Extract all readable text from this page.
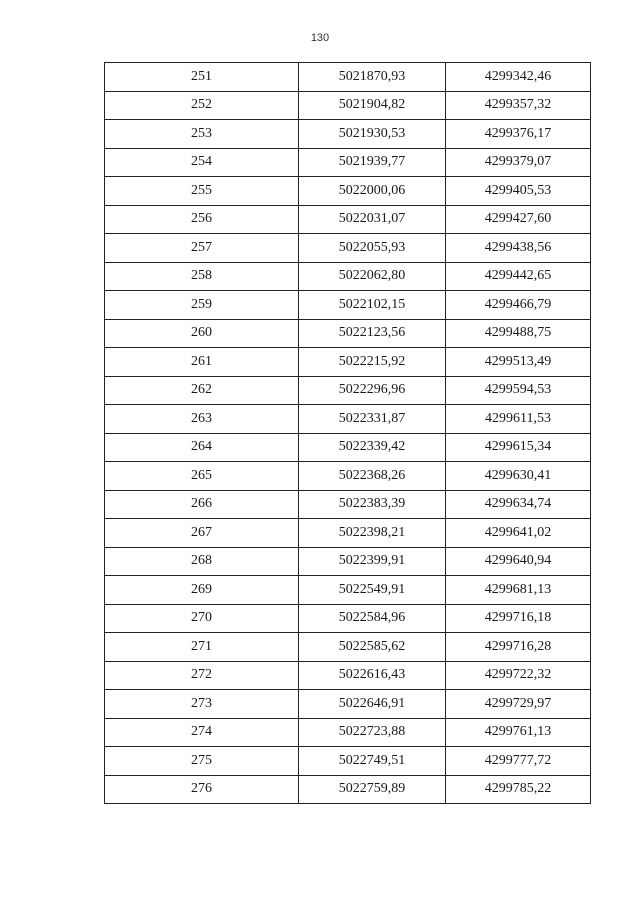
130
251	5021870,93	4299342,46
252	5021904,82	4299357,32
253	5021930,53	4299376,17
254	5021939,77	4299379,07
255	5022000,06	4299405,53
256	5022031,07	4299427,60
257	5022055,93	4299438,56
258	5022062,80	4299442,65
259	5022102,15	4299466,79
260	5022123,56	4299488,75
261	5022215,92	4299513,49
262	5022296,96	4299594,53
263	5022331,87	4299611,53
264	5022339,42	4299615,34
265	5022368,26	4299630,41
266	5022383,39	4299634,74
267	5022398,21	4299641,02
268	5022399,91	4299640,94
269	5022549,91	4299681,13
270	5022584,96	4299716,18
271	5022585,62	4299716,28
272	5022616,43	4299722,32
273	5022646,91	4299729,97
274	5022723,88	4299761,13
275	5022749,51	4299777,72
276	5022759,89	4299785,22
